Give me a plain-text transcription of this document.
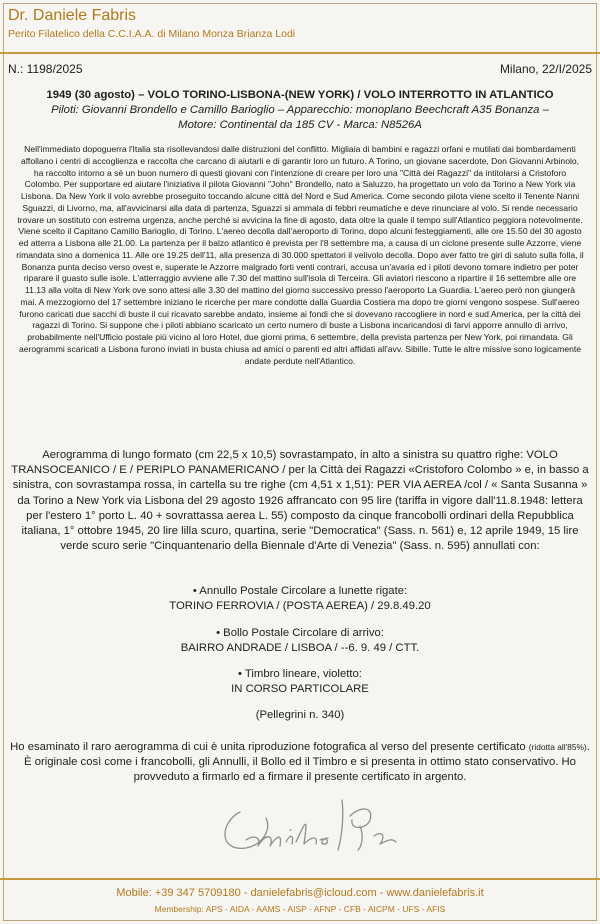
Dr. Daniele Fabris
Perito Filatelico della C.C.I.A.A. di Milano Monza Brianza Lodi
N.: 1198/2025	Milano, 22/I/2025
1949 (30 agosto) – VOLO TORINO-LISBONA-(NEW YORK) / VOLO INTERROTTO IN ATLANTICO
Piloti: Giovanni Brondello e Camillo Barioglio – Apparecchio: monoplano Beechcraft A35 Bonanza –
Motore: Continental da 185 CV - Marca: N8526A

Nell'immediato dopoguerra l'Italia sta risollevandosi dalle distruzioni del conflitto. Migliaia di bambini e ragazzi orfani e mutilati dai bombardamenti affollano i centri di accoglienza e raccolta che carcano di aiutarli e di garantir loro un futuro. A Torino, un giovane sacerdote, Don Giovanni Arbinolo, ha raccolto intorno a sé un buon numero di questi giovani con l'intenzione di creare per loro una "Città dei Ragazzi" da intitolarsi a Cristoforo Colombo. Per supportare ed aiutare l'iniziativa il pilota Giovanni "John" Brondello, nato a Saluzzo, ha progettato un volo da Torino a New York via Lisbona. Da New York il volo avrebbe proseguito toccando alcune città del Nord e Sud America. Come secondo pilota viene scelto il Tenente Nanni Sguazzi, di Livorno, ma, all'avvicinarsi alla data di partenza, Sguazzi si ammala di febbri reumatiche e deve rinunciare al volo. Si rende necessario trovare un sostituto con estrema urgenza, anche perché si avvicina la fine di agosto, data oltre la quale il tempo sull'Atlantico peggiora notevolmente. Viene scelto il Capitano Camillo Barioglio, di Torino. L'aereo decolla dall'aeroporto di Torino, dopo alcuni festeggiamenti, alle ore 15.50 del 30 agosto ed atterra a Lisbona alle 21.00. La partenza per il balzo atlantico è prevista per l'8 settembre ma, a causa di un ciclone presente sulle Azzorre, viene rimandata sino a domenica 11. Alle ore 19.25 dell'11, alla presenza di 30.000 spettatori il velivolo decolla. Dopo aver fatto tre giri di saluto sulla folla, il Bonanza punta deciso verso ovest e, superate le Azzorre malgrado forti venti contrari, accusa un'avaria ed i piloti devono tornare indietro per poter riparare il guasto sulle isole. L'atterraggio avviene alle 7.30 del mattino sull'isola di Terceira. Gli aviatori riescono a ripartire il 16 settembre alle ore 11.13 alla volta di New York ove sono attesi alle 3.30 del mattino del giorno successivo presso l'aeroporto La Guardia. L'aereo però non giungerà mai. A mezzogiorno del 17 settembre iniziano le ricerche per mare condotte dalla Guardia Costiera ma dopo tre giorni vengono sospese. Sull'aereo furono caricati due sacchi di buste il cui ricavato sarebbe andato, insieme ai fondi che si dovevano raccogliere in nord e sud America, per la città dei ragazzi di Torino. Si suppone che i piloti abbiano scaricato un certo numero di buste a Lisbona incaricandosi di farvi apporre annullo di arrivo, probabilmente nell'Ufficio postale più vicino al loro Hotel, due giorni prima, 6 settembre, della prevista partenza per New York, poi rimandata. Gli aerogrammi scaricati a Lisbona furono inviati in busta chiusa ad amici o parenti ed altri affidati all'avv. Sibille. Tutte le altre missive sono logicamente andate perdute nell'Atlantico.

Aerogramma di lungo formato (cm 22,5 x 10,5) sovrastampato, in alto a sinistra su quattro righe: VOLO TRANSOCEANICO / E / PERIPLO PANAMERICANO / per la Città dei Ragazzi «Cristoforo Colombo » e, in basso a sinistra, con sovrastampa rossa, in cartella su tre righe (cm 4,51 x 1,51): PER VIA AEREA /col / « Santa Susanna » da Torino a New York via Lisbona del 29 agosto 1926 affrancato con 95 lire (tariffa in vigore dall'11.8.1948: lettera per l'estero 1° porto L. 40 + sovrattassa aerea L. 55) composto da cinque francobolli ordinari della Repubblica italiana, 1° ottobre 1945, 20 lire lilla scuro, quartina, serie "Democratica" (Sass. n. 561) e, 12 aprile 1949, 15 lire verde scuro serie "Cinquantenario della Biennale d'Arte di Venezia" (Sass. n. 595) annullati con:

• Annullo Postale Circolare a lunette rigate:
TORINO FERROVIA / (POSTA AEREA) / 29.8.49.20
• Bollo Postale Circolare di arrivo:
BAIRRO ANDRADE / LISBOA / --6. 9. 49 / CTT.
• Timbro lineare, violetto:
IN CORSO PARTICOLARE
(Pellegrini n. 340)

Ho esaminato il raro aerogramma di cui è unita riproduzione fotografica al verso del presente certificato (ridotta all'85%). È originale così come i francobolli, gli Annulli, il Bollo ed il Timbro e si presenta in ottimo stato conservativo. Ho provveduto a firmarlo ed a firmare il presente certificato in argento.

Mobile: +39 347 5709180 - danielefabris@icloud.com - www.danielefabris.it
Membership: APS - AIDA - AAMS - AISP - AFNP - CFB - AICPM - UFS - AFIS
